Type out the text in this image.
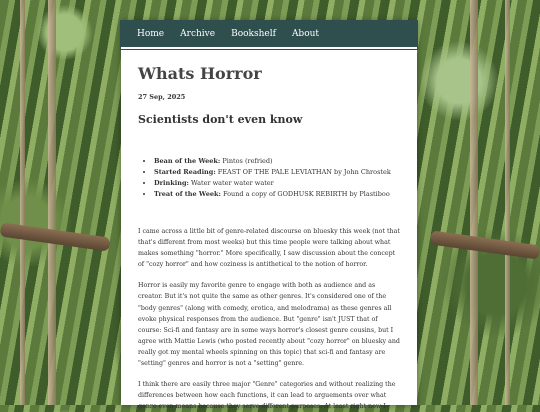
Home Archive Bookshelf About
Whats Horror
27 Sep, 2025
Scientists don't even know
• Bean of the Week: Pintos (refried)
• Started Reading: FEAST OF THE PALE LEVIATHAN by John Chrostek
• Drinking: Water water water water
• Treat of the Week: Found a copy of GODHUSK REBIRTH by Plastiboo

I came across a little bit of genre-related discourse on bluesky this week (not that that's different from most weeks) but this time people were talking about what makes something "horror." More specifically, I saw discussion about the concept of "cozy horror" and how coziness is antithetical to the notion of horror.

Horror is easily my favorite genre to engage with both as audience and as creator. But it's not quite the same as other genres. It's considered one of the "body genres" (along with comedy, erotica, and melodrama) as these genres all evoke physical responses from the audience. But "genre" isn't JUST that of course: Sci-fi and fantasy are in some ways horror's closest genre cousins, but I agree with Mattie Lewis (who posted recently about "cozy horror" on bluesky and really got my mental wheels spinning on this topic) that sci-fi and fantasy are "setting" genres and horror is not a "setting" genre.

I think there are easily three major "Genre" categories and without realizing the differences between how each functions, it can lead to arguements over what genre even means because they serve different purposes. At least right now I
